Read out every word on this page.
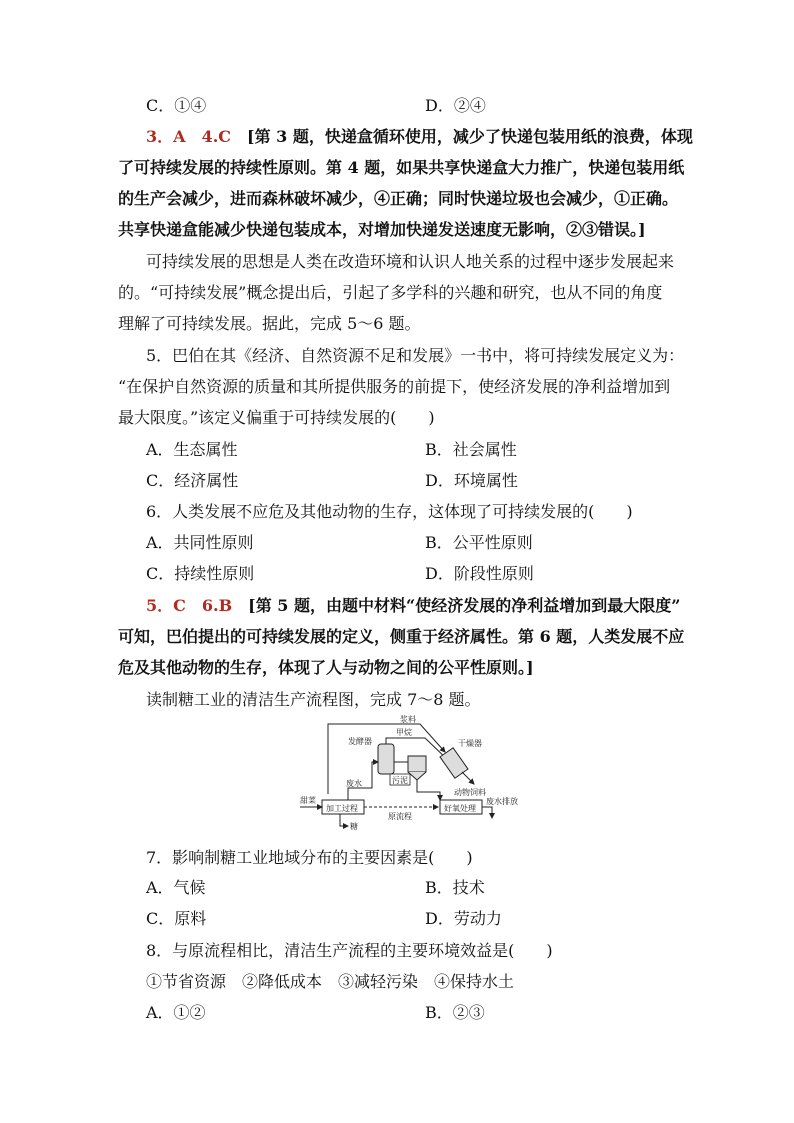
C．①④	D．②④
3．A　 4.C　 [第 3 题，快递盒循环使用，减少了快递包装用纸的浪费，体现
了可持续发展的持续性原则。第 4 题，如果共享快递盒大力推广，快递包装用纸
的生产会减少，进而森林破坏减少，④正确；同时快递垃圾也会减少，①正确。
共享快递盒能减少快递包装成本，对增加快递发送速度无影响，②③错误。]
可持续发展的思想是人类在改造环境和认识人地关系的过程中逐步发展起来
的。“可持续发展”概念提出后，引起了多学科的兴趣和研究，也从不同的角度
理解了可持续发展。据此，完成 5～6 题。
5．巴伯在其《经济、自然资源不足和发展》一书中，将可持续发展定义为：
“在保护自然资源的质量和其所提供服务的前提下，使经济发展的净利益增加到
最大限度。”该定义偏重于可持续发展的(　　)
A．生态属性	B．社会属性
C．经济属性	D．环境属性
6．人类发展不应危及其他动物的生存，这体现了可持续发展的(　　)
A．共同性原则	B．公平性原则
C．持续性原则	D．阶段性原则
5．C　 6.B　 [第 5 题，由题中材料“使经济发展的净利益增加到最大限度”
可知，巴伯提出的可持续发展的定义，侧重于经济属性。第 6 题，人类发展不应
危及其他动物的生存，体现了人与动物之间的公平性原则。]
读制糖工业的清洁生产流程图，完成 7～8 题。
浆料
甲烷
发酵器	干燥器
污泥
动物饲料
甜菜
废水
加工过程
原流程
糖
好氧处理
废水排放
7．影响制糖工业地域分布的主要因素是(　　)
A．气候	B．技术
C．原料	D．劳动力
8．与原流程相比，清洁生产流程的主要环境效益是(　　)
①节省资源　②降低成本　③减轻污染　④保持水土
A．①②	B．②③
